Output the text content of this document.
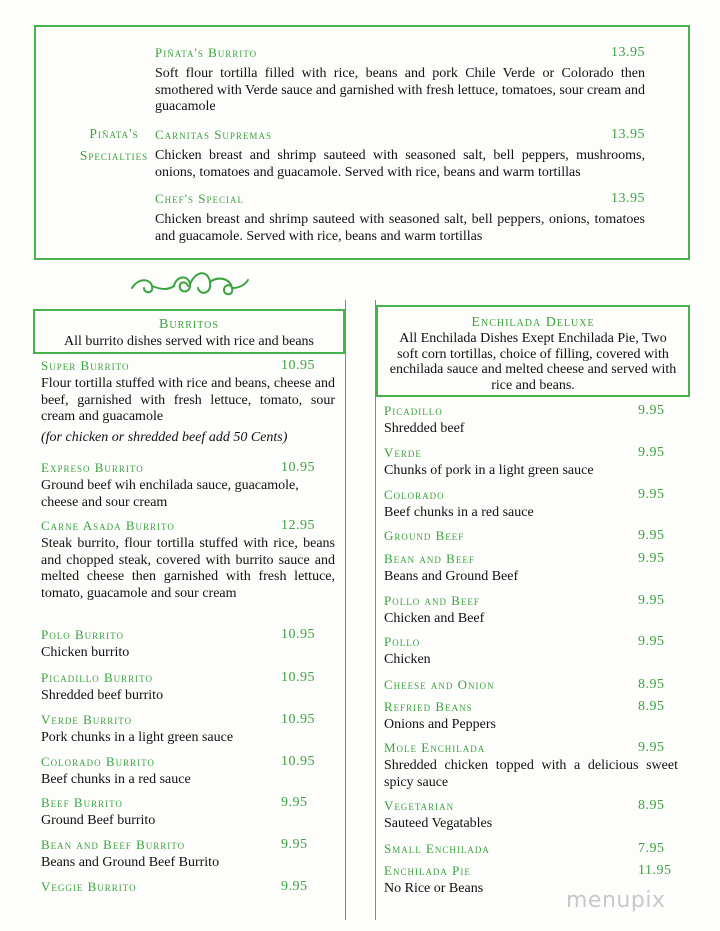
Piñata's
Specialties
Piñata's Burrito	13.95
Soft flour tortilla filled with rice, beans and pork Chile Verde or Colorado then smothered with Verde sauce and garnished with fresh lettuce, tomatoes, sour cream and guacamole
Carnitas Supremas	13.95
Chicken breast and shrimp sauteed with seasoned salt, bell peppers, mushrooms, onions, tomatoes and guacamole. Served with rice, beans and warm tortillas
Chef's Special	13.95
Chicken breast and shrimp sauteed with seasoned salt, bell peppers, onions, tomatoes and guacamole. Served with rice, beans and warm tortillas
Burritos
All burrito dishes served with rice and beans
Super Burrito	10.95
Flour tortilla stuffed with rice and beans, cheese and beef, garnished with fresh lettuce, tomato, sour cream and guacamole
(for chicken or shredded beef add 50 Cents)
Expreso Burrito	10.95
Ground beef wih enchilada sauce, guacamole, cheese and sour cream
Carne Asada Burrito	12.95
Steak burrito, flour tortilla stuffed with rice, beans and chopped steak, covered with burrito sauce and melted cheese then garnished with fresh lettuce, tomato, guacamole and sour cream
Polo Burrito	10.95
Chicken burrito
Picadillo Burrito	10.95
Shredded beef burrito
Verde Burrito	10.95
Pork chunks in a light green sauce
Colorado Burrito	10.95
Beef chunks in a red sauce
Beef Burrito	9.95
Ground Beef burrito
Bean and Beef Burrito	9.95
Beans and Ground Beef Burrito
Veggie Burrito	9.95
Enchilada Deluxe
All Enchilada Dishes Exept Enchilada Pie, Two soft corn tortillas, choice of filling, covered with enchilada sauce and melted cheese and served with rice and beans.
Picadillo	9.95
Shredded beef
Verde	9.95
Chunks of pork in a light green sauce
Colorado	9.95
Beef chunks in a red sauce
Ground Beef	9.95
Bean and Beef	9.95
Beans and Ground Beef
Pollo and Beef	9.95
Chicken and Beef
Pollo	9.95
Chicken
Cheese and Onion	8.95
Refried Beans	8.95
Onions and Peppers
Mole Enchilada	9.95
Shredded chicken topped with a delicious sweet spicy sauce
Vegetarian	8.95
Sauteed Vegatables
Small Enchilada	7.95
Enchilada Pie	11.95
No Rice or Beans	menupix
